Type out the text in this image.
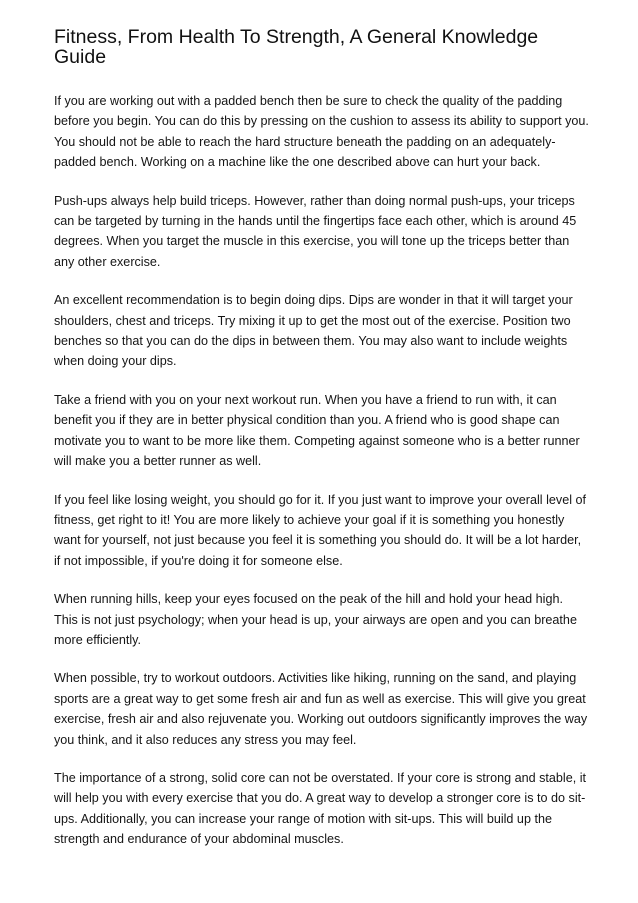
Fitness, From Health To Strength, A General Knowledge Guide

If you are working out with a padded bench then be sure to check the quality of the padding before you begin. You can do this by pressing on the cushion to assess its ability to support you. You should not be able to reach the hard structure beneath the padding on an adequately-padded bench. Working on a machine like the one described above can hurt your back.

Push-ups always help build triceps. However, rather than doing normal push-ups, your triceps can be targeted by turning in the hands until the fingertips face each other, which is around 45 degrees. When you target the muscle in this exercise, you will tone up the triceps better than any other exercise.

An excellent recommendation is to begin doing dips. Dips are wonder in that it will target your shoulders, chest and triceps. Try mixing it up to get the most out of the exercise. Position two benches so that you can do the dips in between them. You may also want to include weights when doing your dips.

Take a friend with you on your next workout run. When you have a friend to run with, it can benefit you if they are in better physical condition than you. A friend who is good shape can motivate you to want to be more like them. Competing against someone who is a better runner will make you a better runner as well.

If you feel like losing weight, you should go for it. If you just want to improve your overall level of fitness, get right to it! You are more likely to achieve your goal if it is something you honestly want for yourself, not just because you feel it is something you should do. It will be a lot harder, if not impossible, if you're doing it for someone else.

When running hills, keep your eyes focused on the peak of the hill and hold your head high. This is not just psychology; when your head is up, your airways are open and you can breathe more efficiently.

When possible, try to workout outdoors. Activities like hiking, running on the sand, and playing sports are a great way to get some fresh air and fun as well as exercise. This will give you great exercise, fresh air and also rejuvenate you. Working out outdoors significantly improves the way you think, and it also reduces any stress you may feel.

The importance of a strong, solid core can not be overstated. If your core is strong and stable, it will help you with every exercise that you do. A great way to develop a stronger core is to do sit-ups. Additionally, you can increase your range of motion with sit-ups. This will build up the strength and endurance of your abdominal muscles.
